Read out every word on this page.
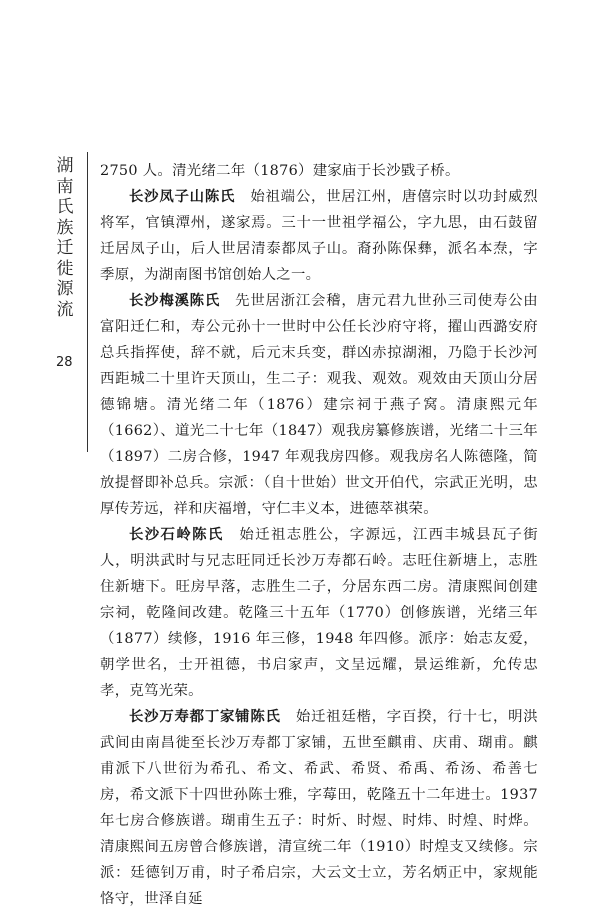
湖南氏族迁徙源流
28

2750 人。清光绪二年（1876）建家庙于长沙戥子桥。

长沙凤子山陈氏　始祖端公，世居江州，唐僖宗时以功封威烈将军，官镇潭州，遂家焉。三十一世祖学福公，字九思，由石鼓留迁居凤子山，后人世居清泰都凤子山。裔孙陈保彝，派名本焘，字季原，为湖南图书馆创始人之一。

长沙梅溪陈氏　先世居浙江会稽，唐元君九世孙三司使寿公由富阳迁仁和，寿公元孙十一世时中公任长沙府守将，擢山西潞安府总兵指挥使，辞不就，后元末兵变，群凶赤掠湖湘，乃隐于长沙河西距城二十里许天顶山，生二子：观我、观效。观效由天顶山分居德锦塘。清光绪二年（1876）建宗祠于燕子窝。清康熙元年（1662）、道光二十七年（1847）观我房纂修族谱，光绪二十三年（1897）二房合修，1947 年观我房四修。观我房名人陈德隆，简放提督即补总兵。宗派：（自十世始）世文开伯代，宗武正光明，忠厚传芳远，祥和庆福增，守仁丰义本，进德萃祺荣。

长沙石岭陈氏　始迁祖志胜公，字源远，江西丰城县瓦子街人，明洪武时与兄志旺同迁长沙万寿都石岭。志旺住新塘上，志胜住新塘下。旺房早落，志胜生二子，分居东西二房。清康熙间创建宗祠，乾隆间改建。乾隆三十五年（1770）创修族谱，光绪三年（1877）续修，1916 年三修，1948 年四修。派序：始志友爱，朝学世名，士开祖德，书启家声，文呈远耀，景运维新，允传忠孝，克笃光荣。

长沙万寿都丁家铺陈氏　始迁祖廷楷，字百揆，行十七，明洪武间由南昌徙至长沙万寿都丁家铺，五世至麒甫、庆甫、瑚甫。麒甫派下八世衍为希孔、希文、希武、希贤、希禹、希汤、希善七房，希文派下十四世孙陈士雅，字莓田，乾隆五十二年进士。1937 年七房合修族谱。瑚甫生五子：时炘、时煜、时炜、时煌、时烨。清康熙间五房曾合修族谱，清宣统二年（1910）时煌支又续修。宗派：廷德钊万甫，时子希启宗，大云文士立，芳名炳正中，家规能恪守，世泽自延
